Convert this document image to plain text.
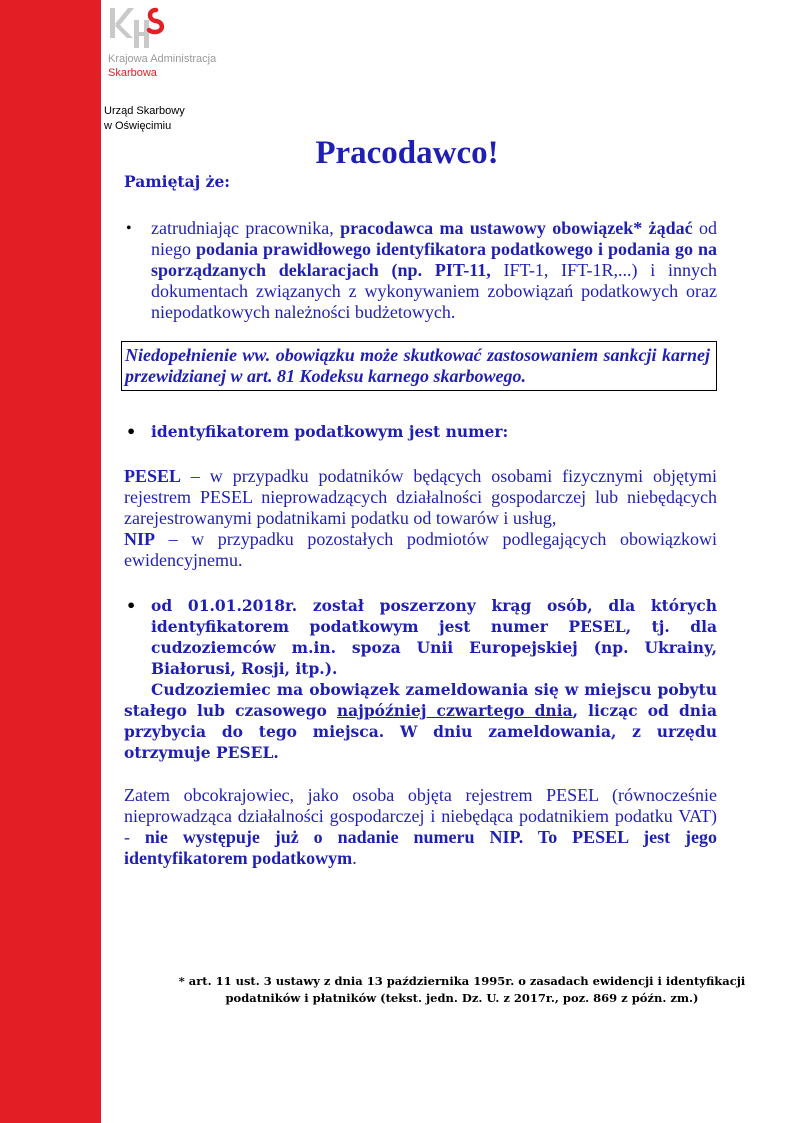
Krajowa Administracja
Skarbowa
Urząd Skarbowy
w Oświęcimiu
Pracodawco!
Pamiętaj że:
• zatrudniając pracownika, pracodawca ma ustawowy obowiązek* żądać od niego podania prawidłowego identyfikatora podatkowego i podania go na sporządzanych deklaracjach (np. PIT-11, IFT-1, IFT-1R,...) i innych dokumentach związanych z wykonywaniem zobowiązań podatkowych oraz niepodatkowych należności budżetowych.
Niedopełnienie ww. obowiązku może skutkować zastosowaniem sankcji karnej przewidzianej w art. 81 Kodeksu karnego skarbowego.
• identyfikatorem podatkowym jest numer:
PESEL – w przypadku podatników będących osobami fizycznymi objętymi rejestrem PESEL nieprowadzących działalności gospodarczej lub niebędących zarejestrowanymi podatnikami podatku od towarów i usług,
NIP – w przypadku pozostałych podmiotów podlegających obowiązkowi ewidencyjnemu.
• od 01.01.2018r. został poszerzony krąg osób, dla których identyfikatorem podatkowym jest numer PESEL, tj. dla cudzoziemców m.in. spoza Unii Europejskiej (np. Ukrainy, Białorusi, Rosji, itp.).
Cudzoziemiec ma obowiązek zameldowania się w miejscu pobytu stałego lub czasowego najpóźniej czwartego dnia, licząc od dnia przybycia do tego miejsca. W dniu zameldowania, z urzędu otrzymuje PESEL.
Zatem obcokrajowiec, jako osoba objęta rejestrem PESEL (równocześnie nieprowadząca działalności gospodarczej i niebędąca podatnikiem podatku VAT) - nie występuje już o nadanie numeru NIP. To PESEL jest jego identyfikatorem podatkowym.
* art. 11 ust. 3 ustawy z dnia 13 października 1995r. o zasadach ewidencji i identyfikacji
podatników i płatników (tekst. jedn. Dz. U. z 2017r., poz. 869 z późn. zm.)
